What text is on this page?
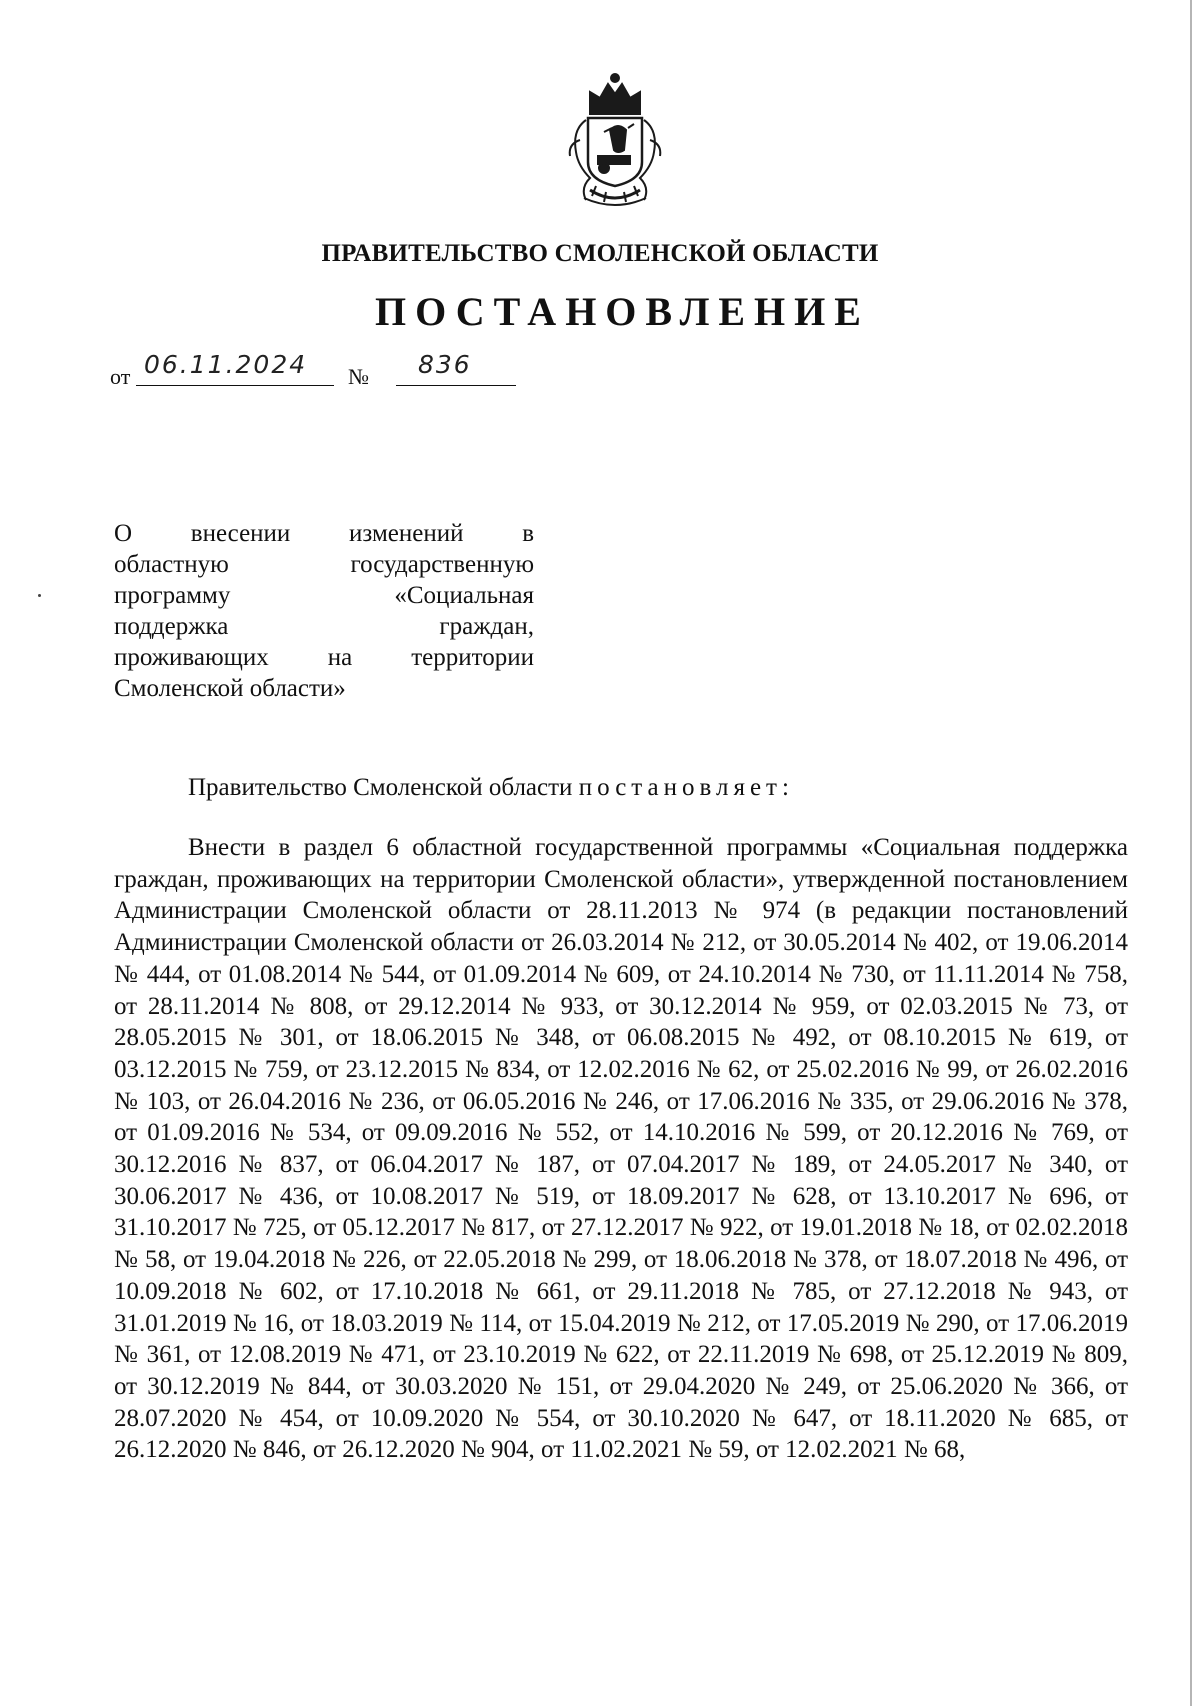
ПРАВИТЕЛЬСТВО СМОЛЕНСКОЙ ОБЛАСТИ
ПОСТАНОВЛЕНИЕ
от 06.11.2024	№	836
О внесении изменений в
областную государственную
программу «Социальная
поддержка граждан,
проживающих на территории
Смоленской области»

Правительство Смоленской области постановляет:

Внести в раздел 6 областной государственной программы «Социальная поддержка граждан, проживающих на территории Смоленской области», утвержденной постановлением Администрации Смоленской области от 28.11.2013 № 974 (в редакции постановлений Администрации Смоленской области от 26.03.2014 № 212, от 30.05.2014 № 402, от 19.06.2014 № 444, от 01.08.2014 № 544, от 01.09.2014 № 609, от 24.10.2014 № 730, от 11.11.2014 № 758, от 28.11.2014 № 808, от 29.12.2014 № 933, от 30.12.2014 № 959, от 02.03.2015 № 73, от 28.05.2015 № 301, от 18.06.2015 № 348, от 06.08.2015 № 492, от 08.10.2015 № 619, от 03.12.2015 № 759, от 23.12.2015 № 834, от 12.02.2016 № 62, от 25.02.2016 № 99, от 26.02.2016 № 103, от 26.04.2016 № 236, от 06.05.2016 № 246, от 17.06.2016 № 335, от 29.06.2016 № 378, от 01.09.2016 № 534, от 09.09.2016 № 552, от 14.10.2016 № 599, от 20.12.2016 № 769, от 30.12.2016 № 837, от 06.04.2017 № 187, от 07.04.2017 № 189, от 24.05.2017 № 340, от 30.06.2017 № 436, от 10.08.2017 № 519, от 18.09.2017 № 628, от 13.10.2017 № 696, от 31.10.2017 № 725, от 05.12.2017 № 817, от 27.12.2017 № 922, от 19.01.2018 № 18, от 02.02.2018 № 58, от 19.04.2018 № 226, от 22.05.2018 № 299, от 18.06.2018 № 378, от 18.07.2018 № 496, от 10.09.2018 № 602, от 17.10.2018 № 661, от 29.11.2018 № 785, от 27.12.2018 № 943, от 31.01.2019 № 16, от 18.03.2019 № 114, от 15.04.2019 № 212, от 17.05.2019 № 290, от 17.06.2019 № 361, от 12.08.2019 № 471, от 23.10.2019 № 622, от 22.11.2019 № 698, от 25.12.2019 № 809, от 30.12.2019 № 844, от 30.03.2020 № 151, от 29.04.2020 № 249, от 25.06.2020 № 366, от 28.07.2020 № 454, от 10.09.2020 № 554, от 30.10.2020 № 647, от 18.11.2020 № 685, от 26.12.2020 № 846, от 26.12.2020 № 904, от 11.02.2021 № 59, от 12.02.2021 № 68,
